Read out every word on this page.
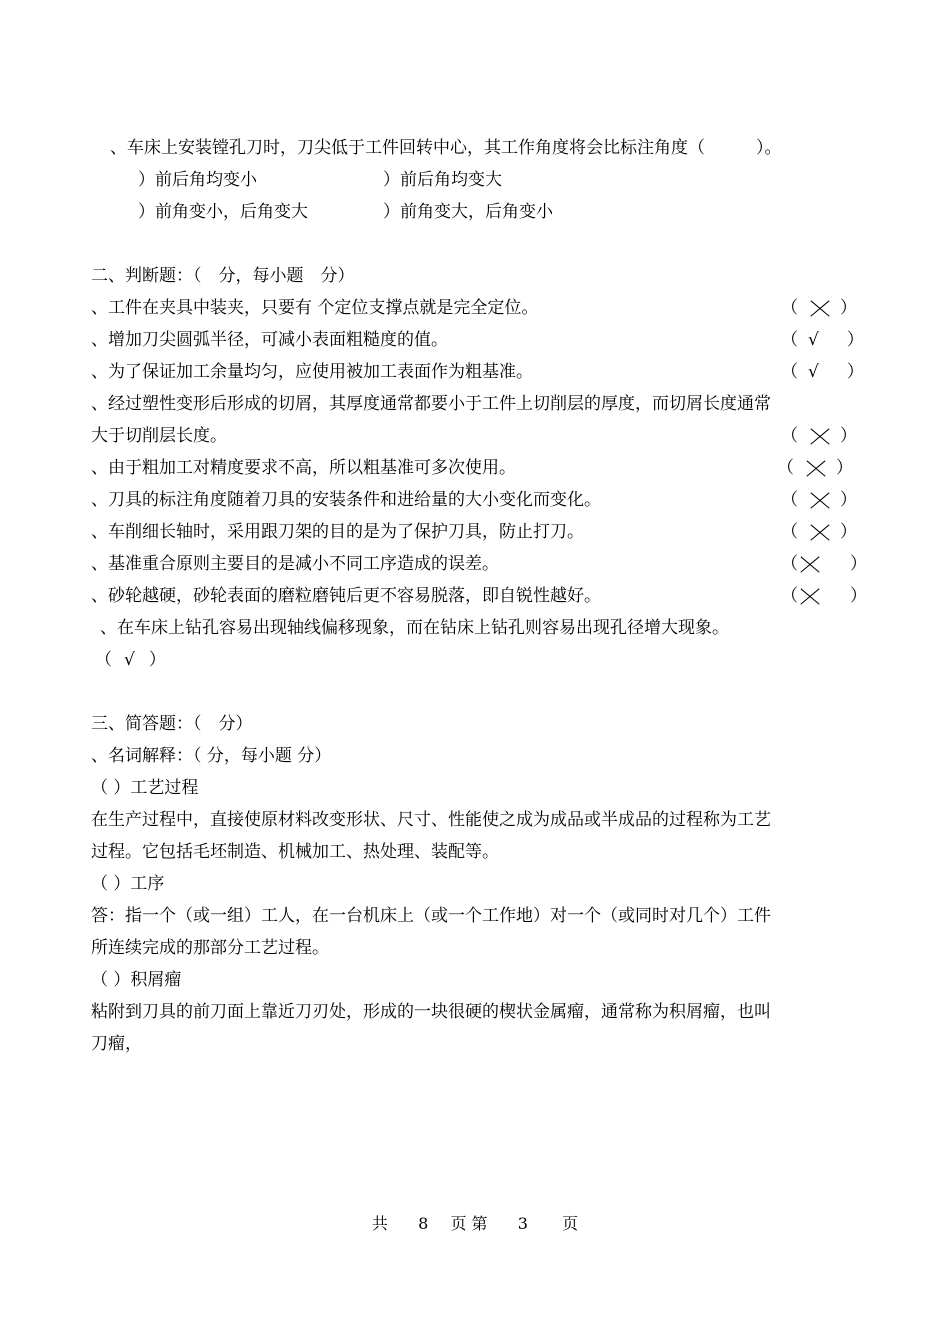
、车床上安装镗孔刀时，刀尖低于工件回转中心，其工作角度将会比标注角度（　　　）。
）前后角均变小	）前后角均变大
）前角变小，后角变大	）前角变大，后角变小
二、判断题：（　分，每小题　分）
、工件在夹具中装夹，只要有 个定位支撑点就是完全定位。	（ ）
、增加刀尖圆弧半径，可减小表面粗糙度的值。	（ √ ）
、为了保证加工余量均匀，应使用被加工表面作为粗基准。	（ √ ）
、经过塑性变形后形成的切屑，其厚度通常都要小于工件上切削层的厚度，而切屑长度通常
大于切削层长度。	（ ）
、由于粗加工对精度要求不高，所以粗基准可多次使用。	（ ）
、刀具的标注角度随着刀具的安装条件和进给量的大小变化而变化。	（ ）
、车削细长轴时，采用跟刀架的目的是为了保护刀具，防止打刀。	（ ）
、基准重合原则主要目的是减小不同工序造成的误差。	（	）
、砂轮越硬，砂轮表面的磨粒磨钝后更不容易脱落，即自锐性越好。	（	）
、在车床上钻孔容易出现轴线偏移现象，而在钻床上钻孔则容易出现孔径增大现象。
（ √ ）
三、简答题：（　分）
、名词解释：（ 分，每小题 分）
（ ）工艺过程
在生产过程中，直接使原材料改变形状、尺寸、性能使之成为成品或半成品的过程称为工艺
过程。它包括毛坯制造、机械加工、热处理、装配等。
（ ）工序
答：指一个（或一组）工人，在一台机床上（或一个工作地）对一个（或同时对几个）工件
所连续完成的那部分工艺过程。
（ ）积屑瘤
粘附到刀具的前刀面上靠近刀刃处，形成的一块很硬的楔状金属瘤，通常称为积屑瘤，也叫
刀瘤，
共 8 页 第 3 页
